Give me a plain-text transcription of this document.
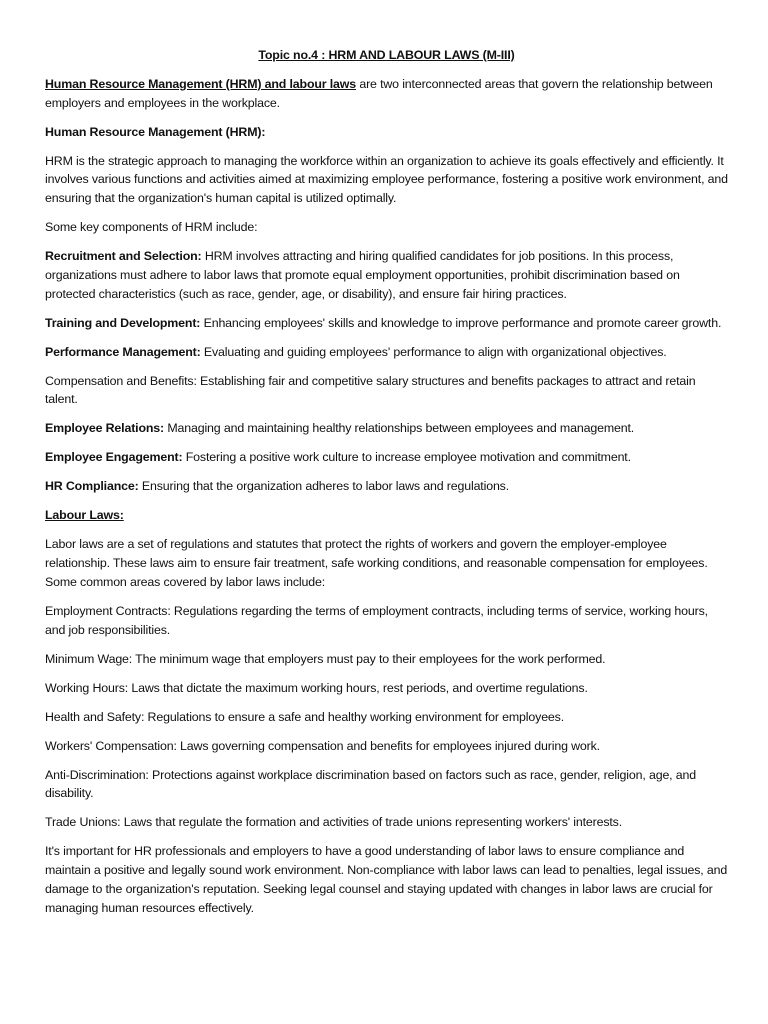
Topic no.4 : HRM AND LABOUR LAWS (M-III)

Human Resource Management (HRM) and labour laws are two interconnected areas that govern the relationship between employers and employees in the workplace.

Human Resource Management (HRM):

HRM is the strategic approach to managing the workforce within an organization to achieve its goals effectively and efficiently. It involves various functions and activities aimed at maximizing employee performance, fostering a positive work environment, and ensuring that the organization's human capital is utilized optimally.

Some key components of HRM include:

Recruitment and Selection: HRM involves attracting and hiring qualified candidates for job positions. In this process, organizations must adhere to labor laws that promote equal employment opportunities, prohibit discrimination based on protected characteristics (such as race, gender, age, or disability), and ensure fair hiring practices.

Training and Development: Enhancing employees' skills and knowledge to improve performance and promote career growth.

Performance Management: Evaluating and guiding employees' performance to align with organizational objectives.

Compensation and Benefits: Establishing fair and competitive salary structures and benefits packages to attract and retain talent.

Employee Relations: Managing and maintaining healthy relationships between employees and management.

Employee Engagement: Fostering a positive work culture to increase employee motivation and commitment.

HR Compliance: Ensuring that the organization adheres to labor laws and regulations.

Labour Laws:

Labor laws are a set of regulations and statutes that protect the rights of workers and govern the employer-employee relationship. These laws aim to ensure fair treatment, safe working conditions, and reasonable compensation for employees. Some common areas covered by labor laws include:

Employment Contracts: Regulations regarding the terms of employment contracts, including terms of service, working hours, and job responsibilities.

Minimum Wage: The minimum wage that employers must pay to their employees for the work performed.

Working Hours: Laws that dictate the maximum working hours, rest periods, and overtime regulations.

Health and Safety: Regulations to ensure a safe and healthy working environment for employees.

Workers' Compensation: Laws governing compensation and benefits for employees injured during work.

Anti-Discrimination: Protections against workplace discrimination based on factors such as race, gender, religion, age, and disability.

Trade Unions: Laws that regulate the formation and activities of trade unions representing workers' interests.

It's important for HR professionals and employers to have a good understanding of labor laws to ensure compliance and maintain a positive and legally sound work environment. Non-compliance with labor laws can lead to penalties, legal issues, and damage to the organization's reputation. Seeking legal counsel and staying updated with changes in labor laws are crucial for managing human resources effectively.
